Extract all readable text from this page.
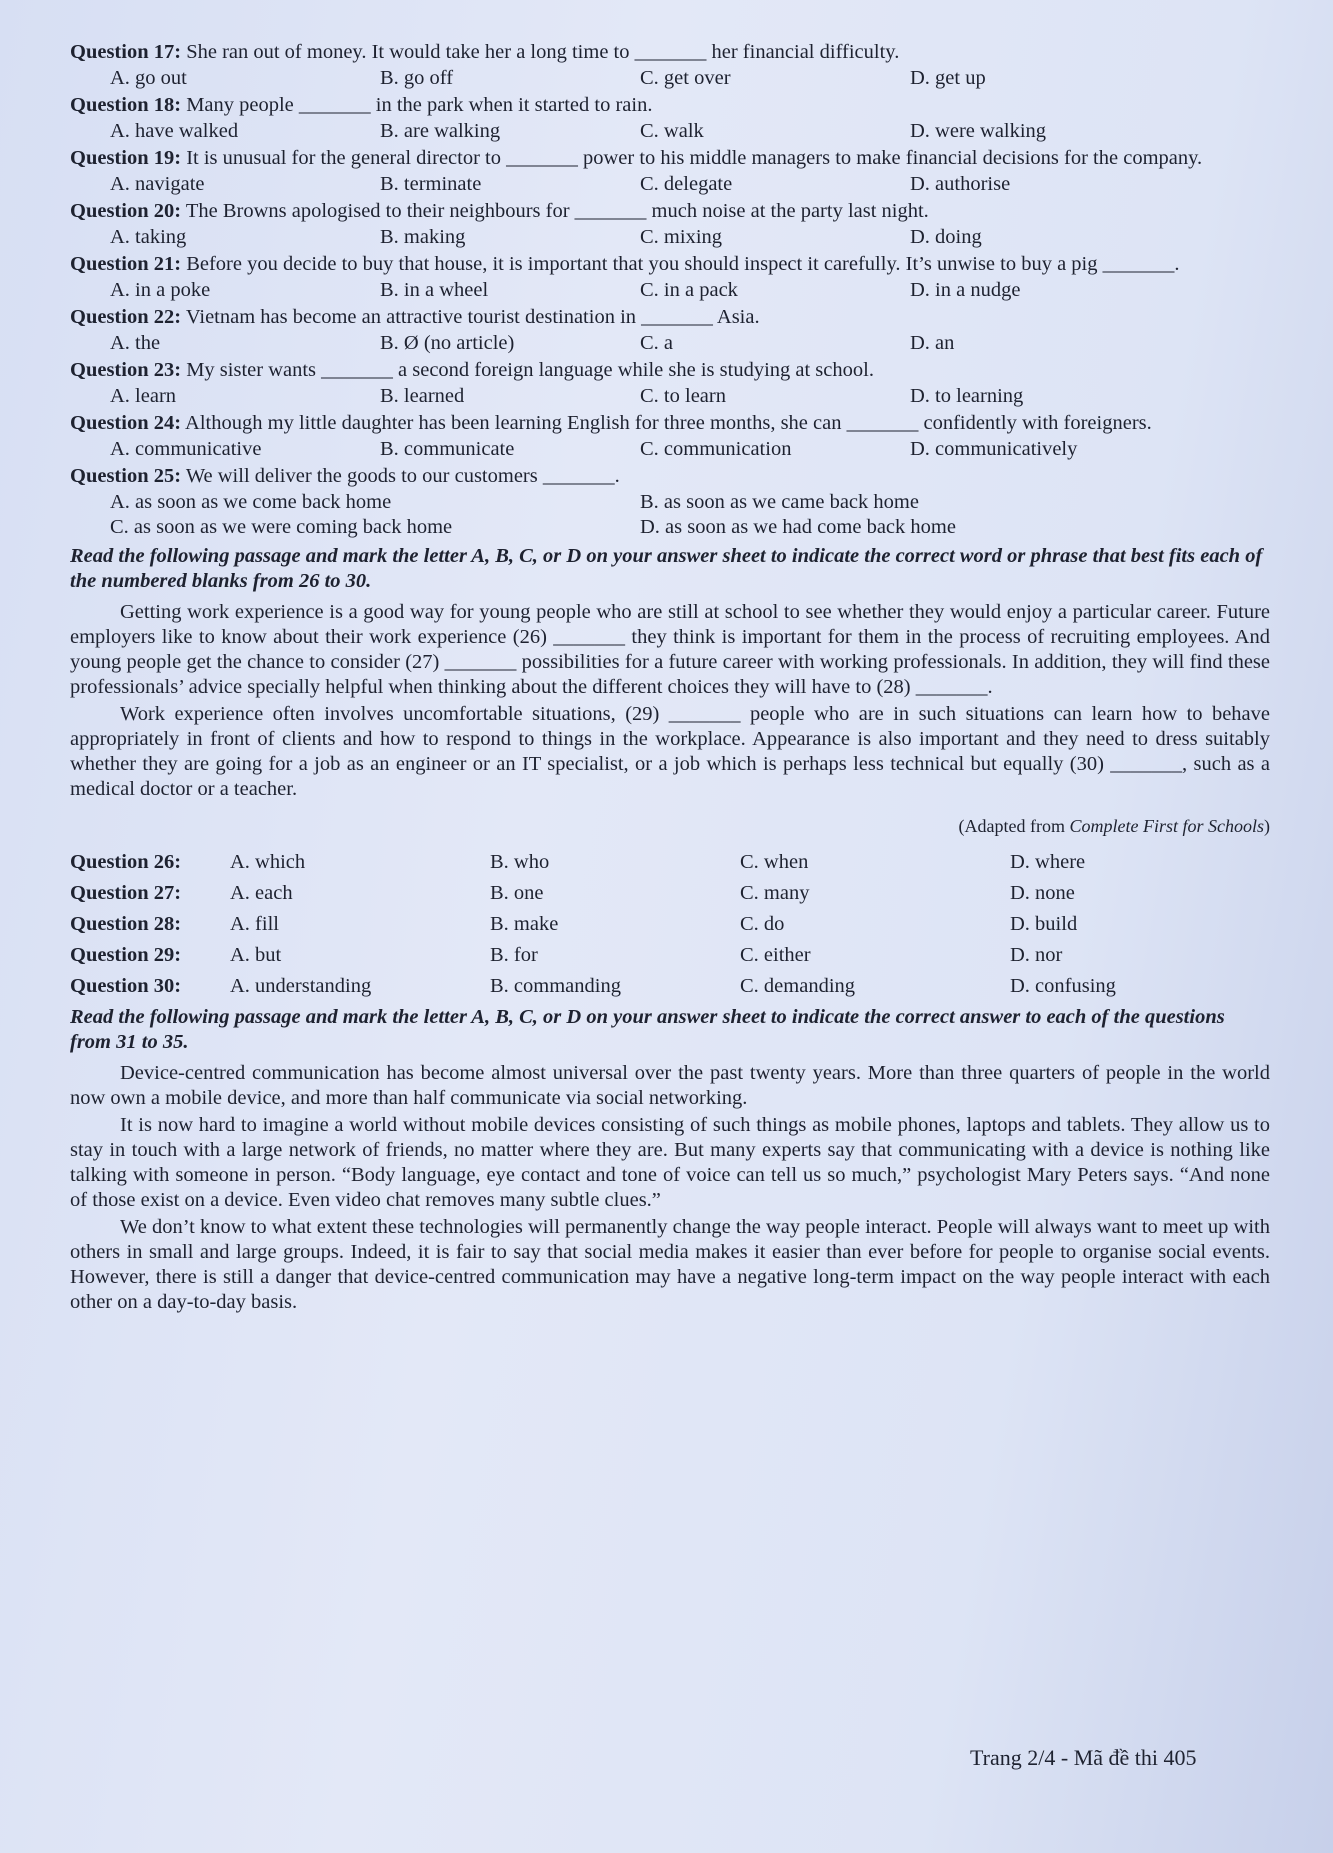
Question 17: She ran out of money. It would take her a long time to _______ her financial difficulty.

A. go out	B. go off	C. get over	D. get up

Question 18: Many people _______ in the park when it started to rain.

A. have walked	B. are walking	C. walk	D. were walking

Question 19: It is unusual for the general director to _______ power to his middle managers to make financial decisions for the company.

A. navigate	B. terminate	C. delegate	D. authorise

Question 20: The Browns apologised to their neighbours for _______ much noise at the party last night.

A. taking	B. making	C. mixing	D. doing

Question 21: Before you decide to buy that house, it is important that you should inspect it carefully. It’s unwise to buy a pig _______.

A. in a poke	B. in a wheel	C. in a pack	D. in a nudge

Question 22: Vietnam has become an attractive tourist destination in _______ Asia.

A. the	B. Ø (no article)	C. a	D. an

Question 23: My sister wants _______ a second foreign language while she is studying at school.

A. learn	B. learned	C. to learn	D. to learning

Question 24: Although my little daughter has been learning English for three months, she can _______ confidently with foreigners.

A. communicative	B. communicate	C. communication	D. communicatively

Question 25: We will deliver the goods to our customers _______.

A. as soon as we come back home	B. as soon as we came back home
C. as soon as we were coming back home	D. as soon as we had come back home

Read the following passage and mark the letter A, B, C, or D on your answer sheet to indicate the correct word or phrase that best fits each of the numbered blanks from 26 to 30.

Getting work experience is a good way for young people who are still at school to see whether they would enjoy a particular career. Future employers like to know about their work experience (26) _______ they think is important for them in the process of recruiting employees. And young people get the chance to consider (27) _______ possibilities for a future career with working professionals. In addition, they will find these professionals’ advice specially helpful when thinking about the different choices they will have to (28) _______.

Work experience often involves uncomfortable situations, (29) _______ people who are in such situations can learn how to behave appropriately in front of clients and how to respond to things in the workplace. Appearance is also important and they need to dress suitably whether they are going for a job as an engineer or an IT specialist, or a job which is perhaps less technical but equally (30) _______, such as a medical doctor or a teacher.

(Adapted from Complete First for Schools)
Question 26:	A. which	B. who	C. when	D. where
Question 27:	A. each	B. one	C. many	D. none
Question 28:	A. fill	B. make	C. do	D. build
Question 29:	A. but	B. for	C. either	D. nor
Question 30:	A. understanding	B. commanding	C. demanding	D. confusing

Read the following passage and mark the letter A, B, C, or D on your answer sheet to indicate the correct answer to each of the questions from 31 to 35.

Device-centred communication has become almost universal over the past twenty years. More than three quarters of people in the world now own a mobile device, and more than half communicate via social networking.

It is now hard to imagine a world without mobile devices consisting of such things as mobile phones, laptops and tablets. They allow us to stay in touch with a large network of friends, no matter where they are. But many experts say that communicating with a device is nothing like talking with someone in person. “Body language, eye contact and tone of voice can tell us so much,” psychologist Mary Peters says. “And none of those exist on a device. Even video chat removes many subtle clues.”

We don’t know to what extent these technologies will permanently change the way people interact. People will always want to meet up with others in small and large groups. Indeed, it is fair to say that social media makes it easier than ever before for people to organise social events. However, there is still a danger that device-centred communication may have a negative long-term impact on the way people interact with each other on a day-to-day basis.

Trang 2/4 - Mã đề thi 405
